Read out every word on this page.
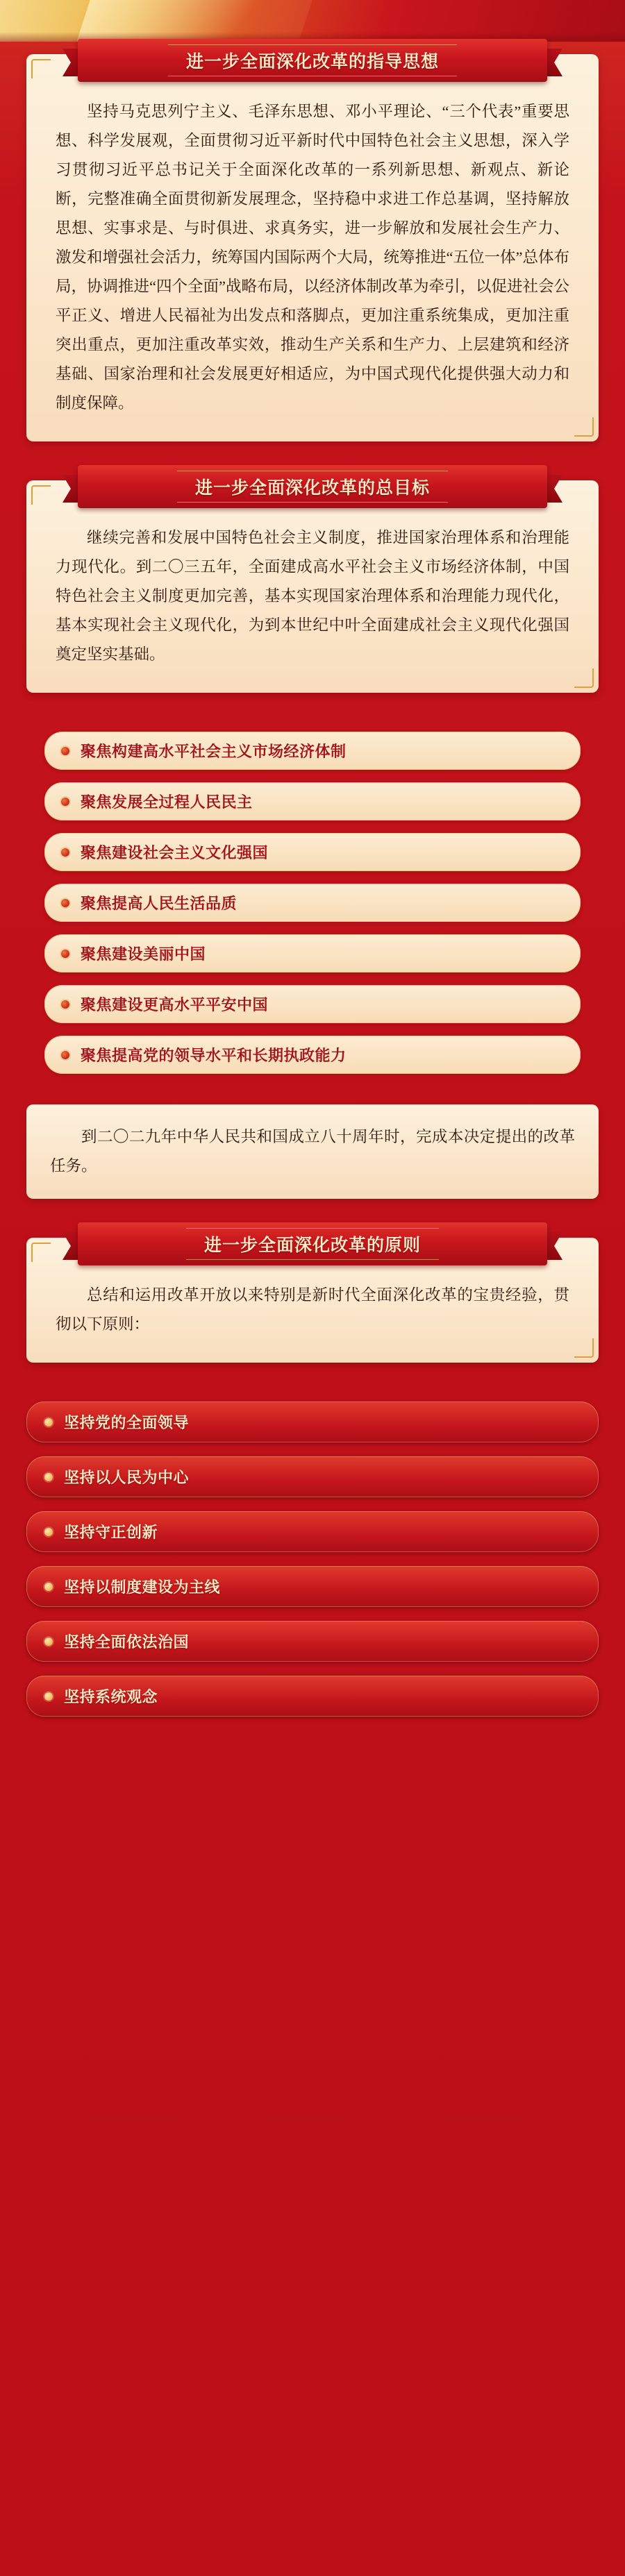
进一步全面深化改革的指导思想

坚持马克思列宁主义、毛泽东思想、邓小平理论、“三个代表”重要思想、科学发展观，全面贯彻习近平新时代中国特色社会主义思想，深入学习贯彻习近平总书记关于全面深化改革的一系列新思想、新观点、新论断，完整准确全面贯彻新发展理念，坚持稳中求进工作总基调，坚持解放思想、实事求是、与时俱进、求真务实，进一步解放和发展社会生产力、激发和增强社会活力，统筹国内国际两个大局，统筹推进“五位一体”总体布局，协调推进“四个全面”战略布局，以经济体制改革为牵引，以促进社会公平正义、增进人民福祉为出发点和落脚点，更加注重系统集成，更加注重突出重点，更加注重改革实效，推动生产关系和生产力、上层建筑和经济基础、国家治理和社会发展更好相适应，为中国式现代化提供强大动力和制度保障。

进一步全面深化改革的总目标

继续完善和发展中国特色社会主义制度，推进国家治理体系和治理能力现代化。到二〇三五年，全面建成高水平社会主义市场经济体制，中国特色社会主义制度更加完善，基本实现国家治理体系和治理能力现代化，基本实现社会主义现代化，为到本世纪中叶全面建成社会主义现代化强国奠定坚实基础。

聚焦构建高水平社会主义市场经济体制
聚焦发展全过程人民民主
聚焦建设社会主义文化强国
聚焦提高人民生活品质
聚焦建设美丽中国
聚焦建设更高水平平安中国
聚焦提高党的领导水平和长期执政能力

到二〇二九年中华人民共和国成立八十周年时，完成本决定提出的改革任务。

进一步全面深化改革的原则

总结和运用改革开放以来特别是新时代全面深化改革的宝贵经验，贯彻以下原则：

坚持党的全面领导
坚持以人民为中心
坚持守正创新
坚持以制度建设为主线
坚持全面依法治国
坚持系统观念
